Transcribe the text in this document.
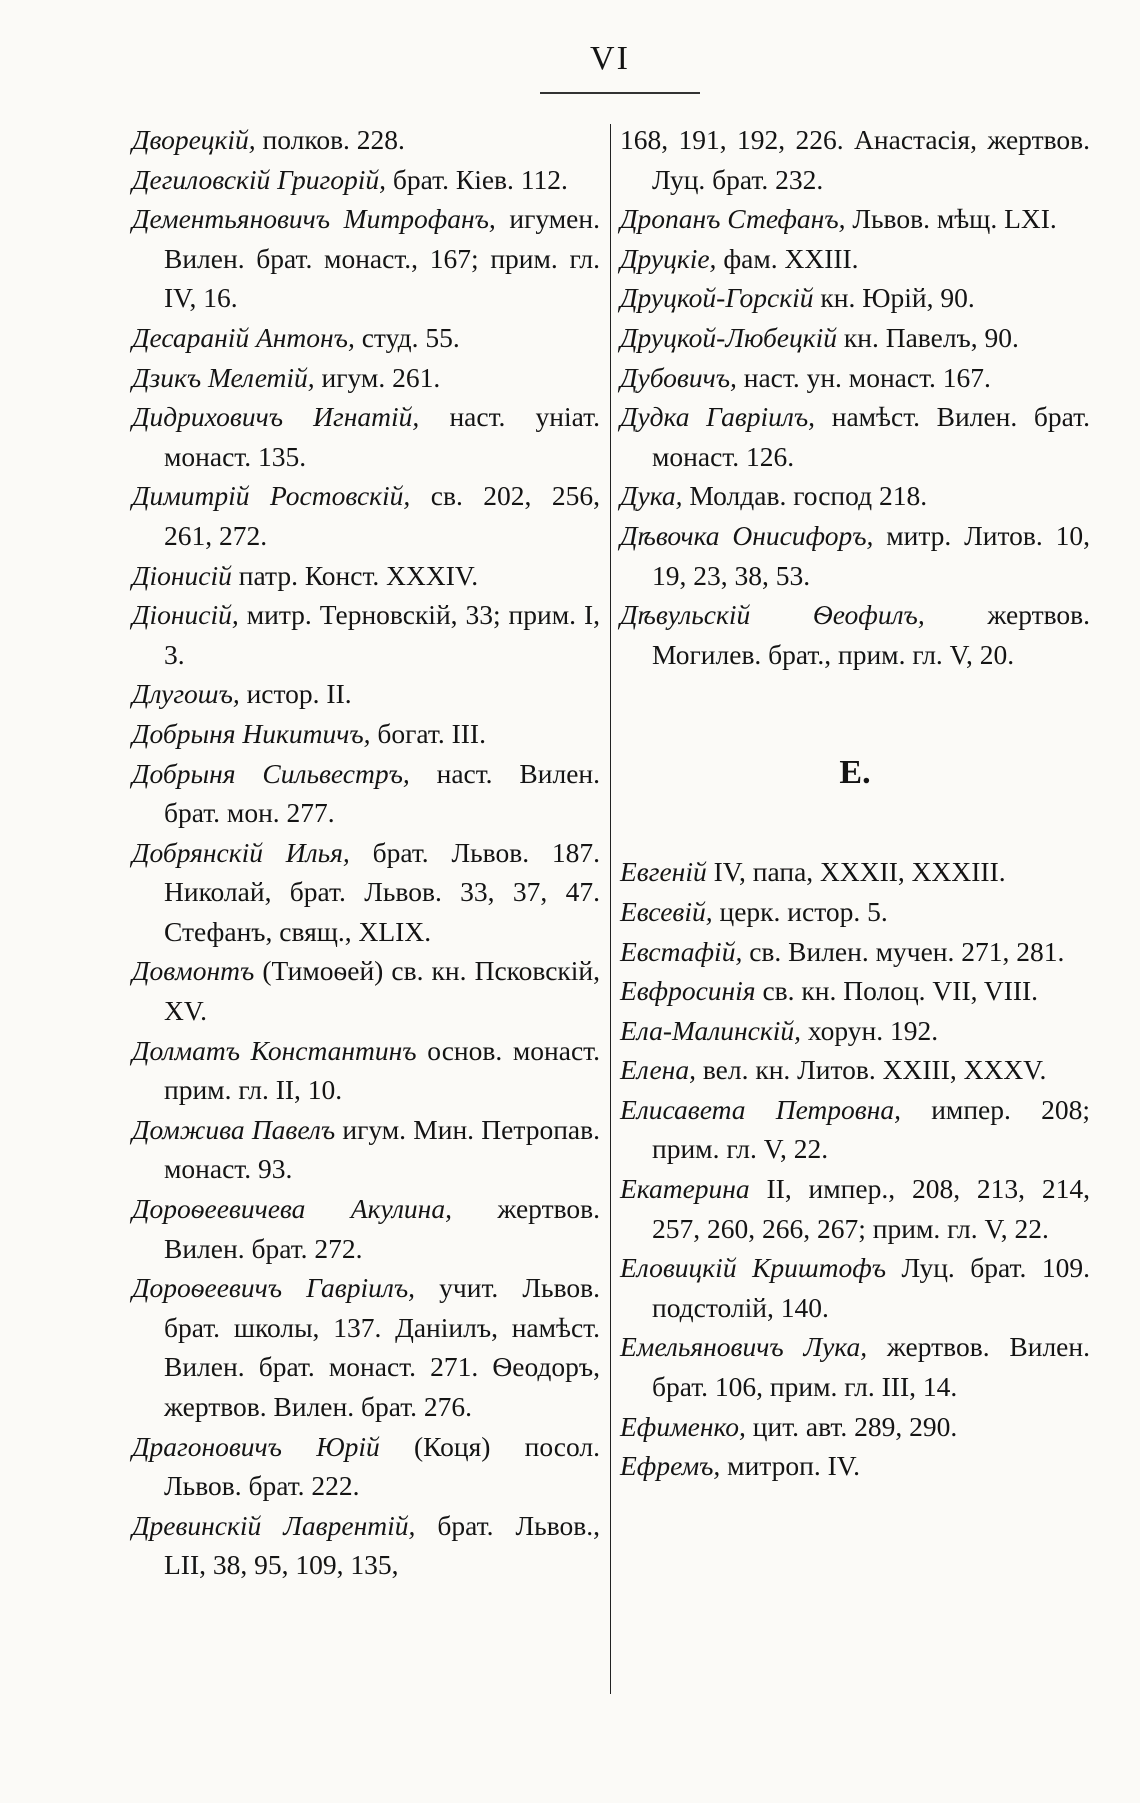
VI

Дворецкій, полков. 228.

Дегиловскій Григорій, брат. Кіев. 112.

Дементьяновичъ Митрофанъ, игумен. Вилен. брат. монаст., 167; прим. гл. IV, 16.

Десараній Антонъ, студ. 55.

Дзикъ Мелетій, игум. 261.

Дидриховичъ Игнатій, наст. уніат. монаст. 135.

Димитрій Ростовскій, св. 202, 256, 261, 272.

Діонисій патр. Конст. XXXIV.

Діонисій, митр. Терновскій, 33; прим. I, 3.

Длугошъ, истор. II.

Добрыня Никитичъ, богат. III.

Добрыня Сильвестръ, наст. Вилен. брат. мон. 277.

Добрянскій Илья, брат. Львов. 187. Николай, брат. Львов. 33, 37, 47. Стефанъ, свящ., XLIX.

Довмонтъ (Тимоѳей) св. кн. Псковскій, XV.

Долматъ Константинъ основ. монаст. прим. гл. II, 10.

Домжива Павелъ игум. Мин. Петропав. монаст. 93.

Дороѳеевичева Акулина, жертвов. Вилен. брат. 272.

Дороѳеевичъ Гавріилъ, учит. Львов. брат. школы, 137. Даніилъ, намѣст. Вилен. брат. монаст. 271. Ѳеодоръ, жертвов. Вилен. брат. 276.

Драгоновичъ Юрій (Коця) посол. Львов. брат. 222.

Древинскій Лаврентій, брат. Львов., LII, 38, 95, 109, 135,

168, 191, 192, 226. Анастасія, жертвов. Луц. брат. 232.

Дропанъ Стефанъ, Львов. мѣщ. LXI.

Друцкіе, фам. XXIII.

Друцкой-Горскій кн. Юрій, 90.

Друцкой-Любецкій кн. Павелъ, 90.

Дубовичъ, наст. ун. монаст. 167.

Дудка Гавріилъ, намѣст. Вилен. брат. монаст. 126.

Дука, Молдав. господ 218.

Дѣвочка Онисифоръ, митр. Литов. 10, 19, 23, 38, 53.

Дѣвульскій Ѳеофилъ, жертвов. Могилев. брат., прим. гл. V, 20.

Е.

Евгеній IV, папа, XXXII, XXXIII.

Евсевій, церк. истор. 5.

Евстафій, св. Вилен. мучен. 271, 281.

Евфросинія св. кн. Полоц. VII, VIII.

Ела-Малинскій, хорун. 192.

Елена, вел. кн. Литов. XXIII, XXXV.

Елисавета Петровна, импер. 208; прим. гл. V, 22.

Екатерина II, импер., 208, 213, 214, 257, 260, 266, 267; прим. гл. V, 22.

Еловицкій Криштофъ Луц. брат. 109. подстолій, 140.

Емельяновичъ Лука, жертвов. Вилен. брат. 106, прим. гл. III, 14.

Ефименко, цит. авт. 289, 290.

Ефремъ, митроп. IV.
